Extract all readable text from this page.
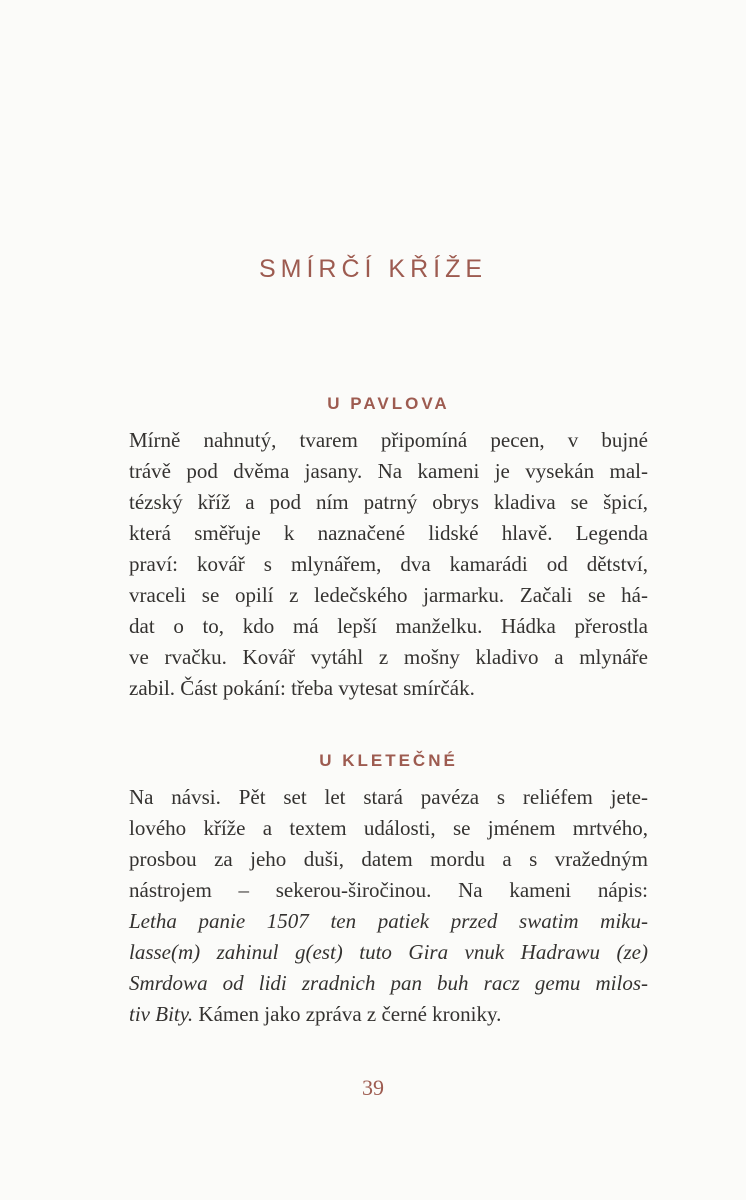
SMÍRČÍ KŘÍŽE
U PAVLOVA
Mírně nahnutý, tvarem připomíná pecen, v bujné
trávě pod dvěma jasany. Na kameni je vysekán mal-
tézský kříž a pod ním patrný obrys kladiva se špicí,
která směřuje k naznačené lidské hlavě. Legenda
praví: kovář s mlynářem, dva kamarádi od dětství,
vraceli se opilí z ledečského jarmarku. Začali se há-
dat o to, kdo má lepší manželku. Hádka přerostla
ve rvačku. Kovář vytáhl z mošny kladivo a mlynáře
zabil. Část pokání: třeba vytesat smírčák.
U KLETEČNÉ
Na návsi. Pět set let stará pavéza s reliéfem jete-
lového kříže a textem události, se jménem mrtvého,
prosbou za jeho duši, datem mordu a s vražedným
nástrojem – sekerou-širočinou. Na kameni nápis:
Letha panie 1507 ten patiek przed swatim miku-
lasse(m) zahinul g(est) tuto Gira vnuk Hadrawu (ze)
Smrdowa od lidi zradnich pan buh racz gemu milos-
tiv Bity. Kámen jako zpráva z černé kroniky.
39
